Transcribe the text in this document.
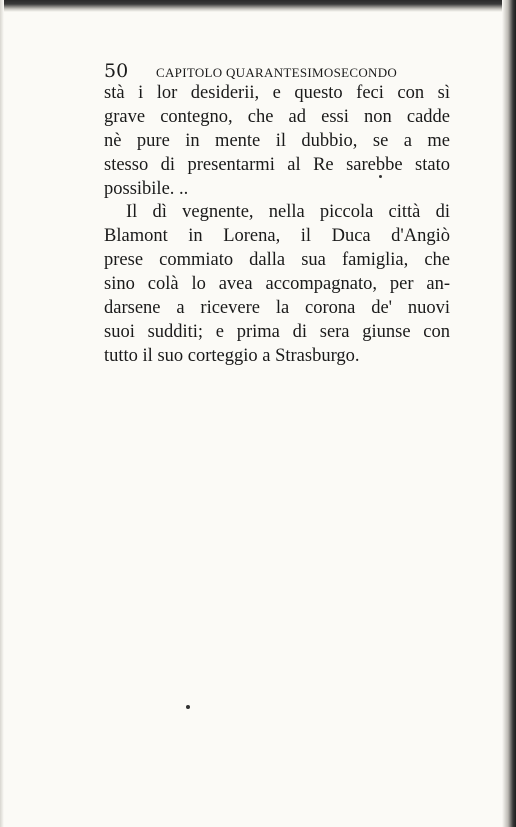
50 CAPITOLO QUARANTESIMOSECONDO
stà i lor desiderii, e questo feci con sì
grave contegno, che ad essi non cadde
nè pure in mente il dubbio, se a me
stesso di presentarmi al Re sarebbe stato
possibile. ..
Il dì vegnente, nella piccola città di
Blamont in Lorena, il Duca d'Angiò
prese commiato dalla sua famiglia, che
sino colà lo avea accompagnato, per an-
darsene a ricevere la corona de' nuovi
suoi sudditi; e prima di sera giunse con
tutto il suo corteggio a Strasburgo.
